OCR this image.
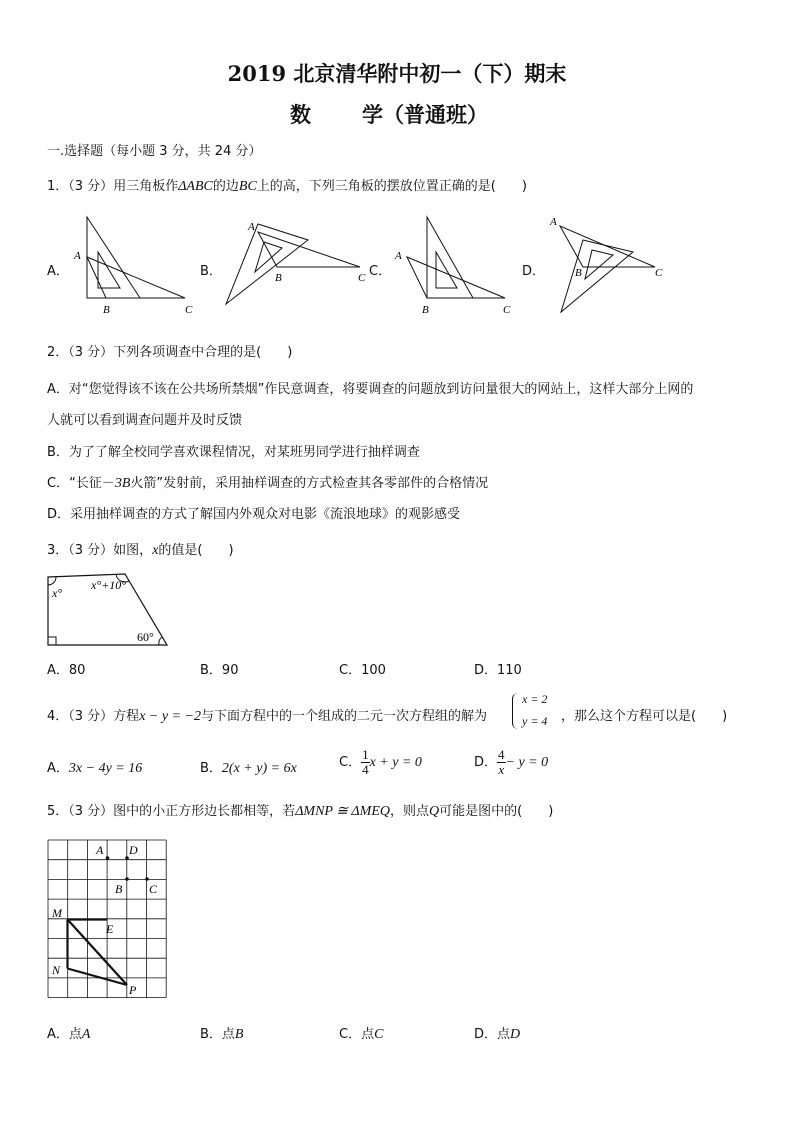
2019 北京清华附中初一（下）期末
数 学（普通班）
一.选择题（每小题 3 分，共 24 分）
1．（3 分）用三角板作ΔABC的边BC上的高，下列三角板的摆放位置正确的是(　　)
A．	B．	C．	D．
A
B	C
A
B	C
A
B	C
A
B	C
2．（3 分）下列各项调查中合理的是(　　)
A．对“您觉得该不该在公共场所禁烟”作民意调查，将要调查的问题放到访问量很大的网站上，这样大部分上网的
人就可以看到调查问题并及时反馈
B．为了了解全校同学喜欢课程情况，对某班男同学进行抽样调查
C．“长征－3B火箭”发射前，采用抽样调查的方式检查其各零部件的合格情况
D．采用抽样调查的方式了解国内外观众对电影《流浪地球》的观影感受
3．（3 分）如图，x的值是(　　)
x°
x°+10°
60°
A．80	B．90	C．100	D．110
4．（3 分）方程x − y = −2与下面方程中的一个组成的二元一次方程组的解为
x = 2
y = 4 ，那么这个方程可以是(　　)
A．3x − 4y = 16	B．2(x + y) = 6x	C． $\frac{1}{4}$ x + y = 0	D． $\frac{4}{x} - y = 0$
5．（3 分）图中的小正方形边长都相等，若ΔMNP ≅ ΔMEQ，则点Q可能是图中的(　　)
A D
B C
M
E
N
P
A．点A	B．点B	C．点C	D．点D
